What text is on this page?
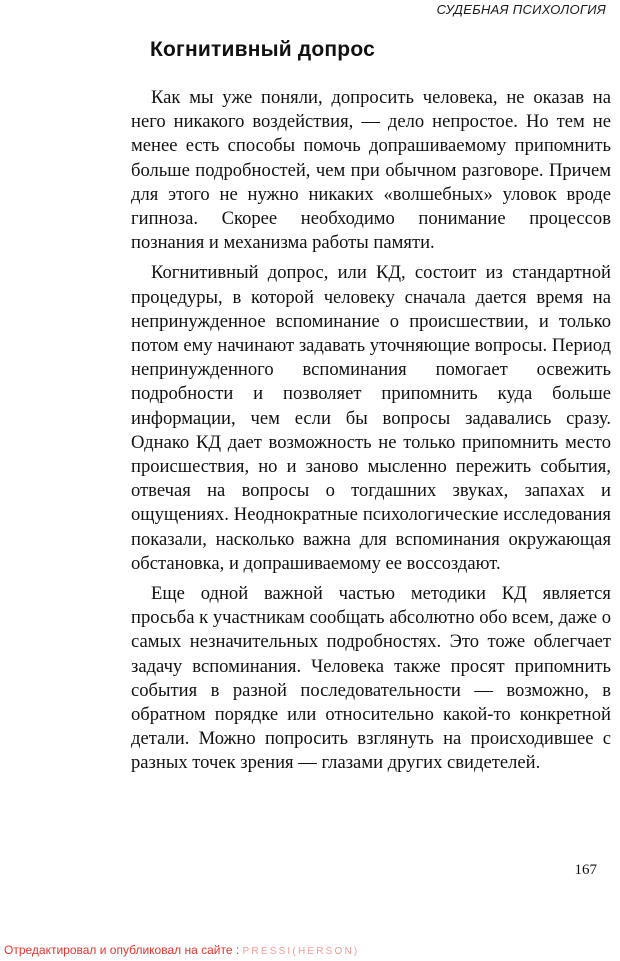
СУДЕБНАЯ ПСИХОЛОГИЯ
Когнитивный допрос

Как мы уже поняли, допросить человека, не оказав на него никакого воздействия, — дело непростое. Но тем не менее есть способы помочь допрашиваемому припомнить больше подробностей, чем при обычном разговоре. Причем для этого не нужно никаких «волшебных» уловок вроде гипноза. Скорее необходимо понимание процессов познания и механизма работы памяти.

Когнитивный допрос, или КД, состоит из стандартной процедуры, в которой человеку сначала дается время на непринужденное вспоминание о происшествии, и только потом ему начинают задавать уточняющие вопросы. Период непринужденного вспоминания помогает освежить подробности и позволяет припомнить куда больше информации, чем если бы вопросы задавались сразу. Однако КД дает возможность не только припомнить место происшествия, но и заново мысленно пережить события, отвечая на вопросы о тогдашних звуках, запахах и ощущениях. Неоднократные психологические исследования показали, насколько важна для вспоминания окружающая обстановка, и допрашиваемому ее воссоздают.

Еще одной важной частью методики КД является просьба к участникам сообщать абсолютно обо всем, даже о самых незначительных подробностях. Это тоже облегчает задачу вспоминания. Человека также просят припомнить события в разной последовательности — возможно, в обратном порядке или относительно какой-то конкретной детали. Можно попросить взглянуть на происходившее с разных точек зрения — глазами других свидетелей.

167
Отредактировал и опубликовал на сайте : PRESSI(HERSON)
